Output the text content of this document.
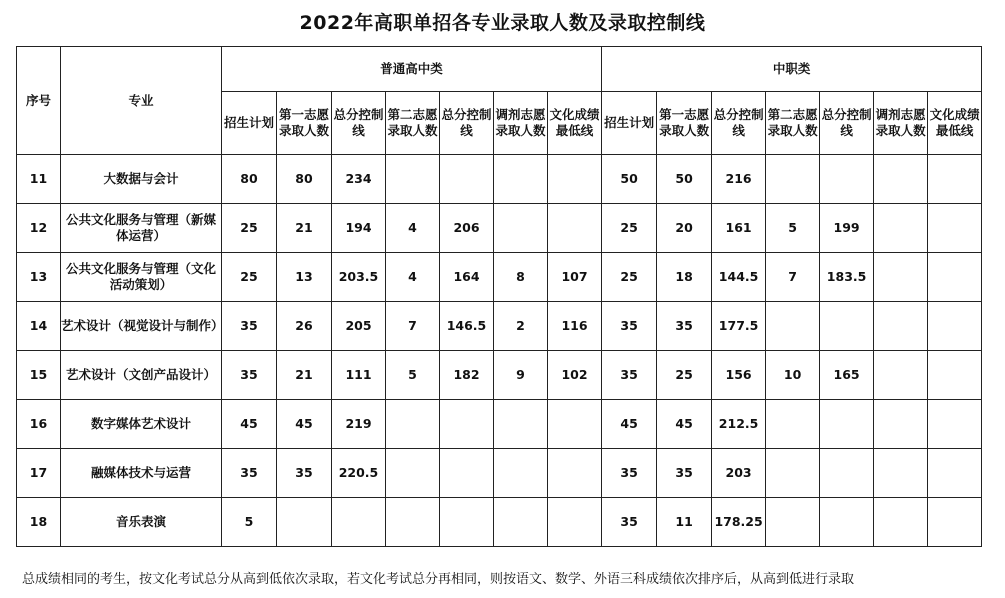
2022年高职单招各专业录取人数及录取控制线
序号	专业	普通高中类							中职类						
		招生计划	第一志愿录取人数	总分控制线	第二志愿录取人数	总分控制线	调剂志愿录取人数	文化成绩最低线	招生计划	第一志愿录取人数	总分控制线	第二志愿录取人数	总分控制线	调剂志愿录取人数	文化成绩最低线
11	大数据与会计	80	80	234					50	50	216				
12	公共文化服务与管理（新媒体运营）	25	21	194	4	206			25	20	161	5	199		
13	公共文化服务与管理（文化活动策划）	25	13	203.5	4	164	8	107	25	18	144.5	7	183.5		
14	艺术设计（视觉设计与制作）	35	26	205	7	146.5	2	116	35	35	177.5				
15	艺术设计（文创产品设计）	35	21	111	5	182	9	102	35	25	156	10	165		
16	数字媒体艺术设计	45	45	219					45	45	212.5				
17	融媒体技术与运营	35	35	220.5					35	35	203				
18	音乐表演	5							35	11	178.25				
总成绩相同的考生，按文化考试总分从高到低依次录取，若文化考试总分再相同，则按语文、数学、外语三科成绩依次排序后，从高到低进行录取
